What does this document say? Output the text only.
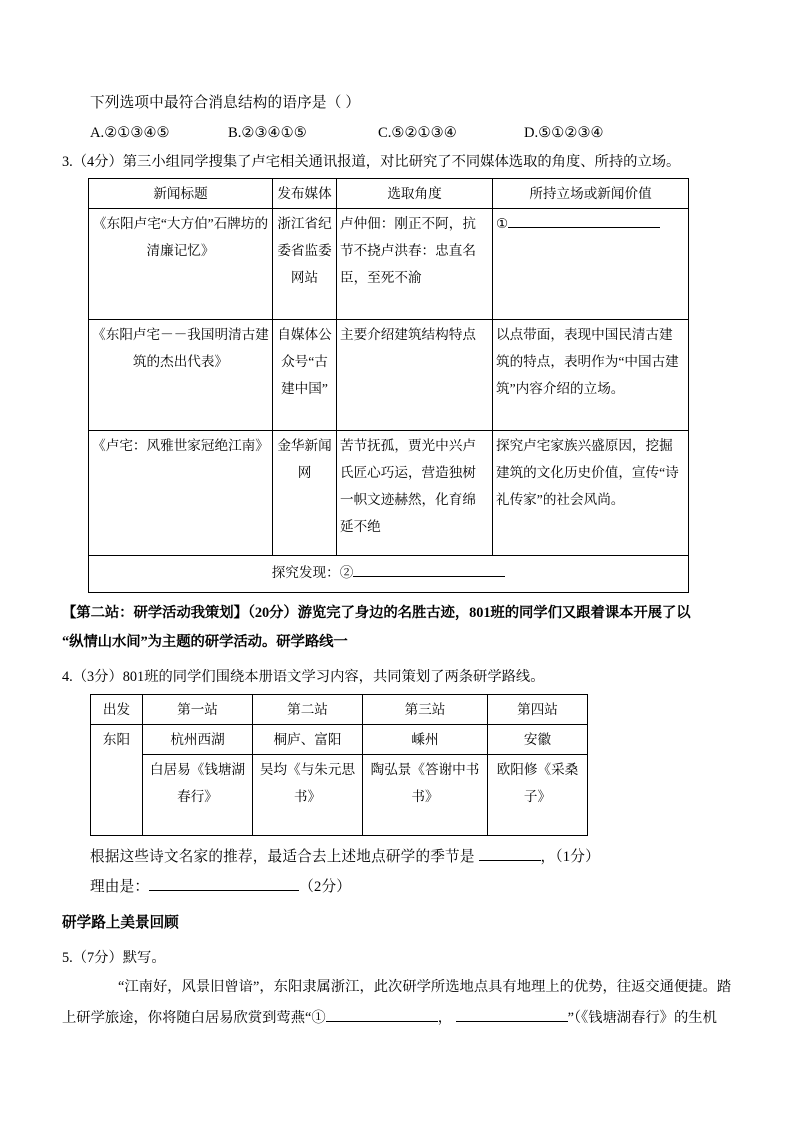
下列选项中最符合消息结构的语序是（ ）
A.②①③④⑤	B.②③④①⑤	C.⑤②①③④	D.⑤①②③④
3.（4分）第三小组同学搜集了卢宅相关通讯报道，对比研究了不同媒体选取的角度、所持的立场。
新闻标题	发布媒体	选取角度	所持立场或新闻价值
《东阳卢宅“大方伯”石牌坊的清廉记忆》	浙江省纪委省监委网站	卢仲佃：刚正不阿，抗节不挠卢洪春：忠直名臣，至死不渝	①
《东阳卢宅－－我国明清古建筑的杰出代表》	自媒体公众号“古建中国”	主要介绍建筑结构特点	以点带面，表现中国民清古建筑的特点，表明作为“中国古建筑”内容介绍的立场。
《卢宅：风雅世家冠绝江南》	金华新闻网	苦节抚孤，贾光中兴卢氏匠心巧运，营造独树一帜文迹赫然，化育绵延不绝	探究卢宅家族兴盛原因，挖掘建筑的文化历史价值，宣传“诗礼传家”的社会风尚。
探究发现：②			
【第二站：研学活动我策划】（20分）游览完了身边的名胜古迹，801班的同学们又跟着课本开展了以
“纵情山水间”为主题的研学活动。研学路线一
4.（3分）801班的同学们围绕本册语文学习内容，共同策划了两条研学路线。
出发	第一站	第二站	第三站	第四站
东阳	杭州西湖	桐庐、富阳	嵊州	安徽
	白居易《钱塘湖春行》	吴均《与朱元思书》	陶弘景《答谢中书书》	欧阳修《采桑子》
根据这些诗文名家的推荐，最适合去上述地点研学的季节是	，（1分）
理由是：	（2分）
研学路上美景回顾
5.（7分）默写。
“江南好，风景旧曾谙”，东阳隶属浙江，此次研学所选地点具有地理上的优势，往返交通便捷。踏
上研学旅途，你将随白居易欣赏到莺燕“①	，	”（《钱塘湖春行》的生机
